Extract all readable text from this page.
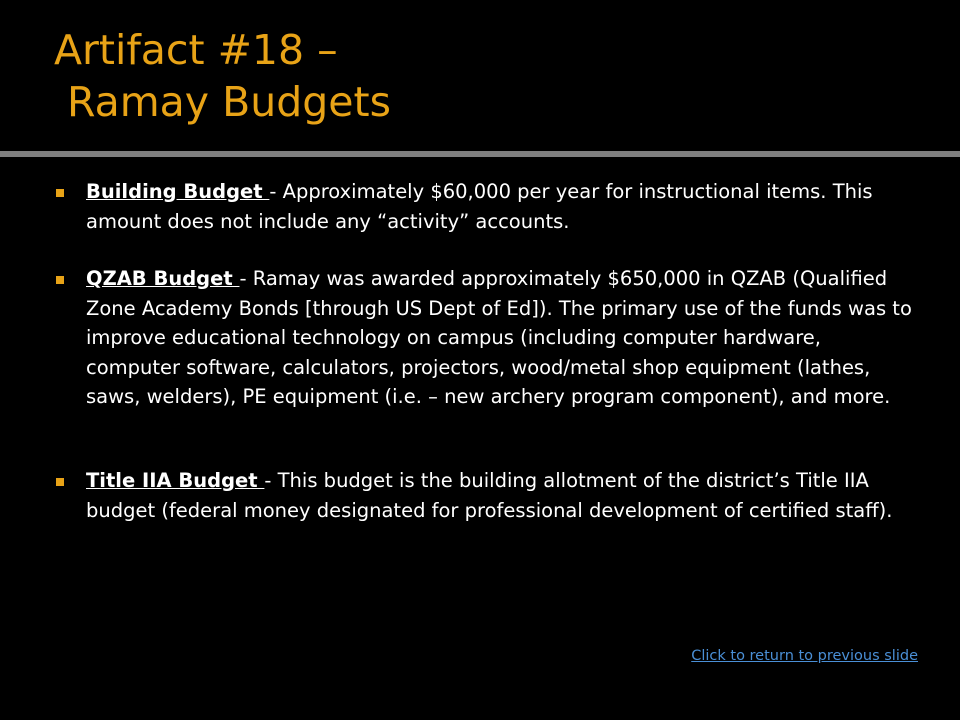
Artifact #18 –
Ramay Budgets
Building Budget - Approximately $60,000 per year for instructional items. This amount does not include any “activity” accounts.
QZAB Budget - Ramay was awarded approximately $650,000 in QZAB (Qualified Zone Academy Bonds [through US Dept of Ed]). The primary use of the funds was to improve educational technology on campus (including computer hardware, computer software, calculators, projectors, wood/metal shop equipment (lathes, saws, welders), PE equipment (i.e. – new archery program component), and more.
Title IIA Budget - This budget is the building allotment of the district’s Title IIA budget (federal money designated for professional development of certified staff).
Click to return to previous slide
